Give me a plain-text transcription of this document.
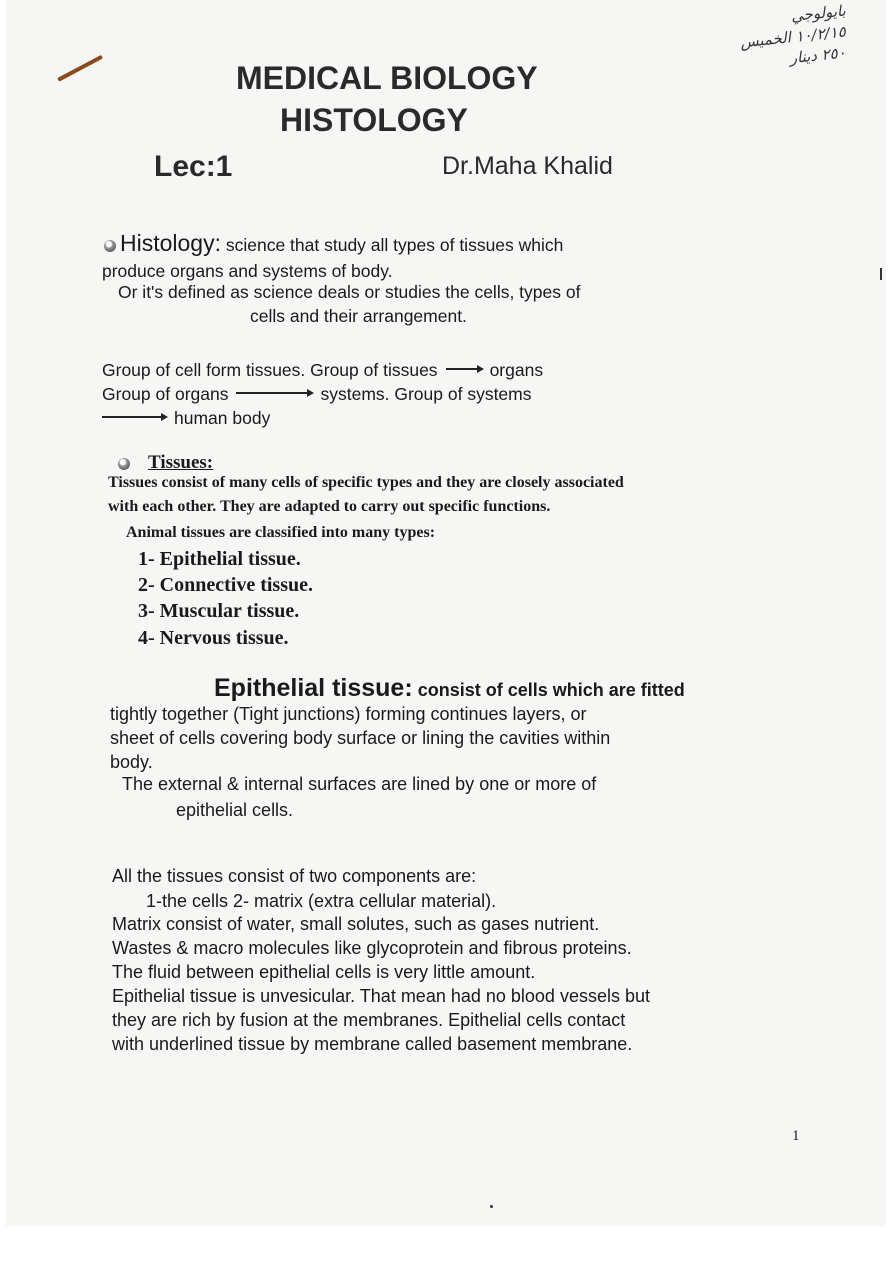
بايولوجي
١٠/٢/١٥ الخميس
٢٥٠ دينار
MEDICAL BIOLOGY
HISTOLOGY
Lec:1	Dr.Maha Khalid
Histology: science that study all types of tissues which
produce organs and systems of body.
Or it's defined as science deals or studies the cells, types of
cells and their arrangement.
Group of cell form tissues. Group of tissues	organs
Group of organs	systems. Group of systems
human body
Tissues:
Tissues consist of many cells of specific types and they are closely associated
with each other. They are adapted to carry out specific functions.
Animal tissues are classified into many types:
1- Epithelial tissue.
2- Connective tissue.
3- Muscular tissue.
4- Nervous tissue.
Epithelial tissue: consist of cells which are fitted
tightly together (Tight junctions) forming continues layers, or
sheet of cells covering body surface or lining the cavities within
body.
The external & internal surfaces are lined by one or more of
epithelial cells.
All the tissues consist of two components are:
1-the cells 2- matrix (extra cellular material).
Matrix consist of water, small solutes, such as gases nutrient.
Wastes & macro molecules like glycoprotein and fibrous proteins.
The fluid between epithelial cells is very little amount.
Epithelial tissue is unvesicular. That mean had no blood vessels but
they are rich by fusion at the membranes. Epithelial cells contact
with underlined tissue by membrane called basement membrane.
1
